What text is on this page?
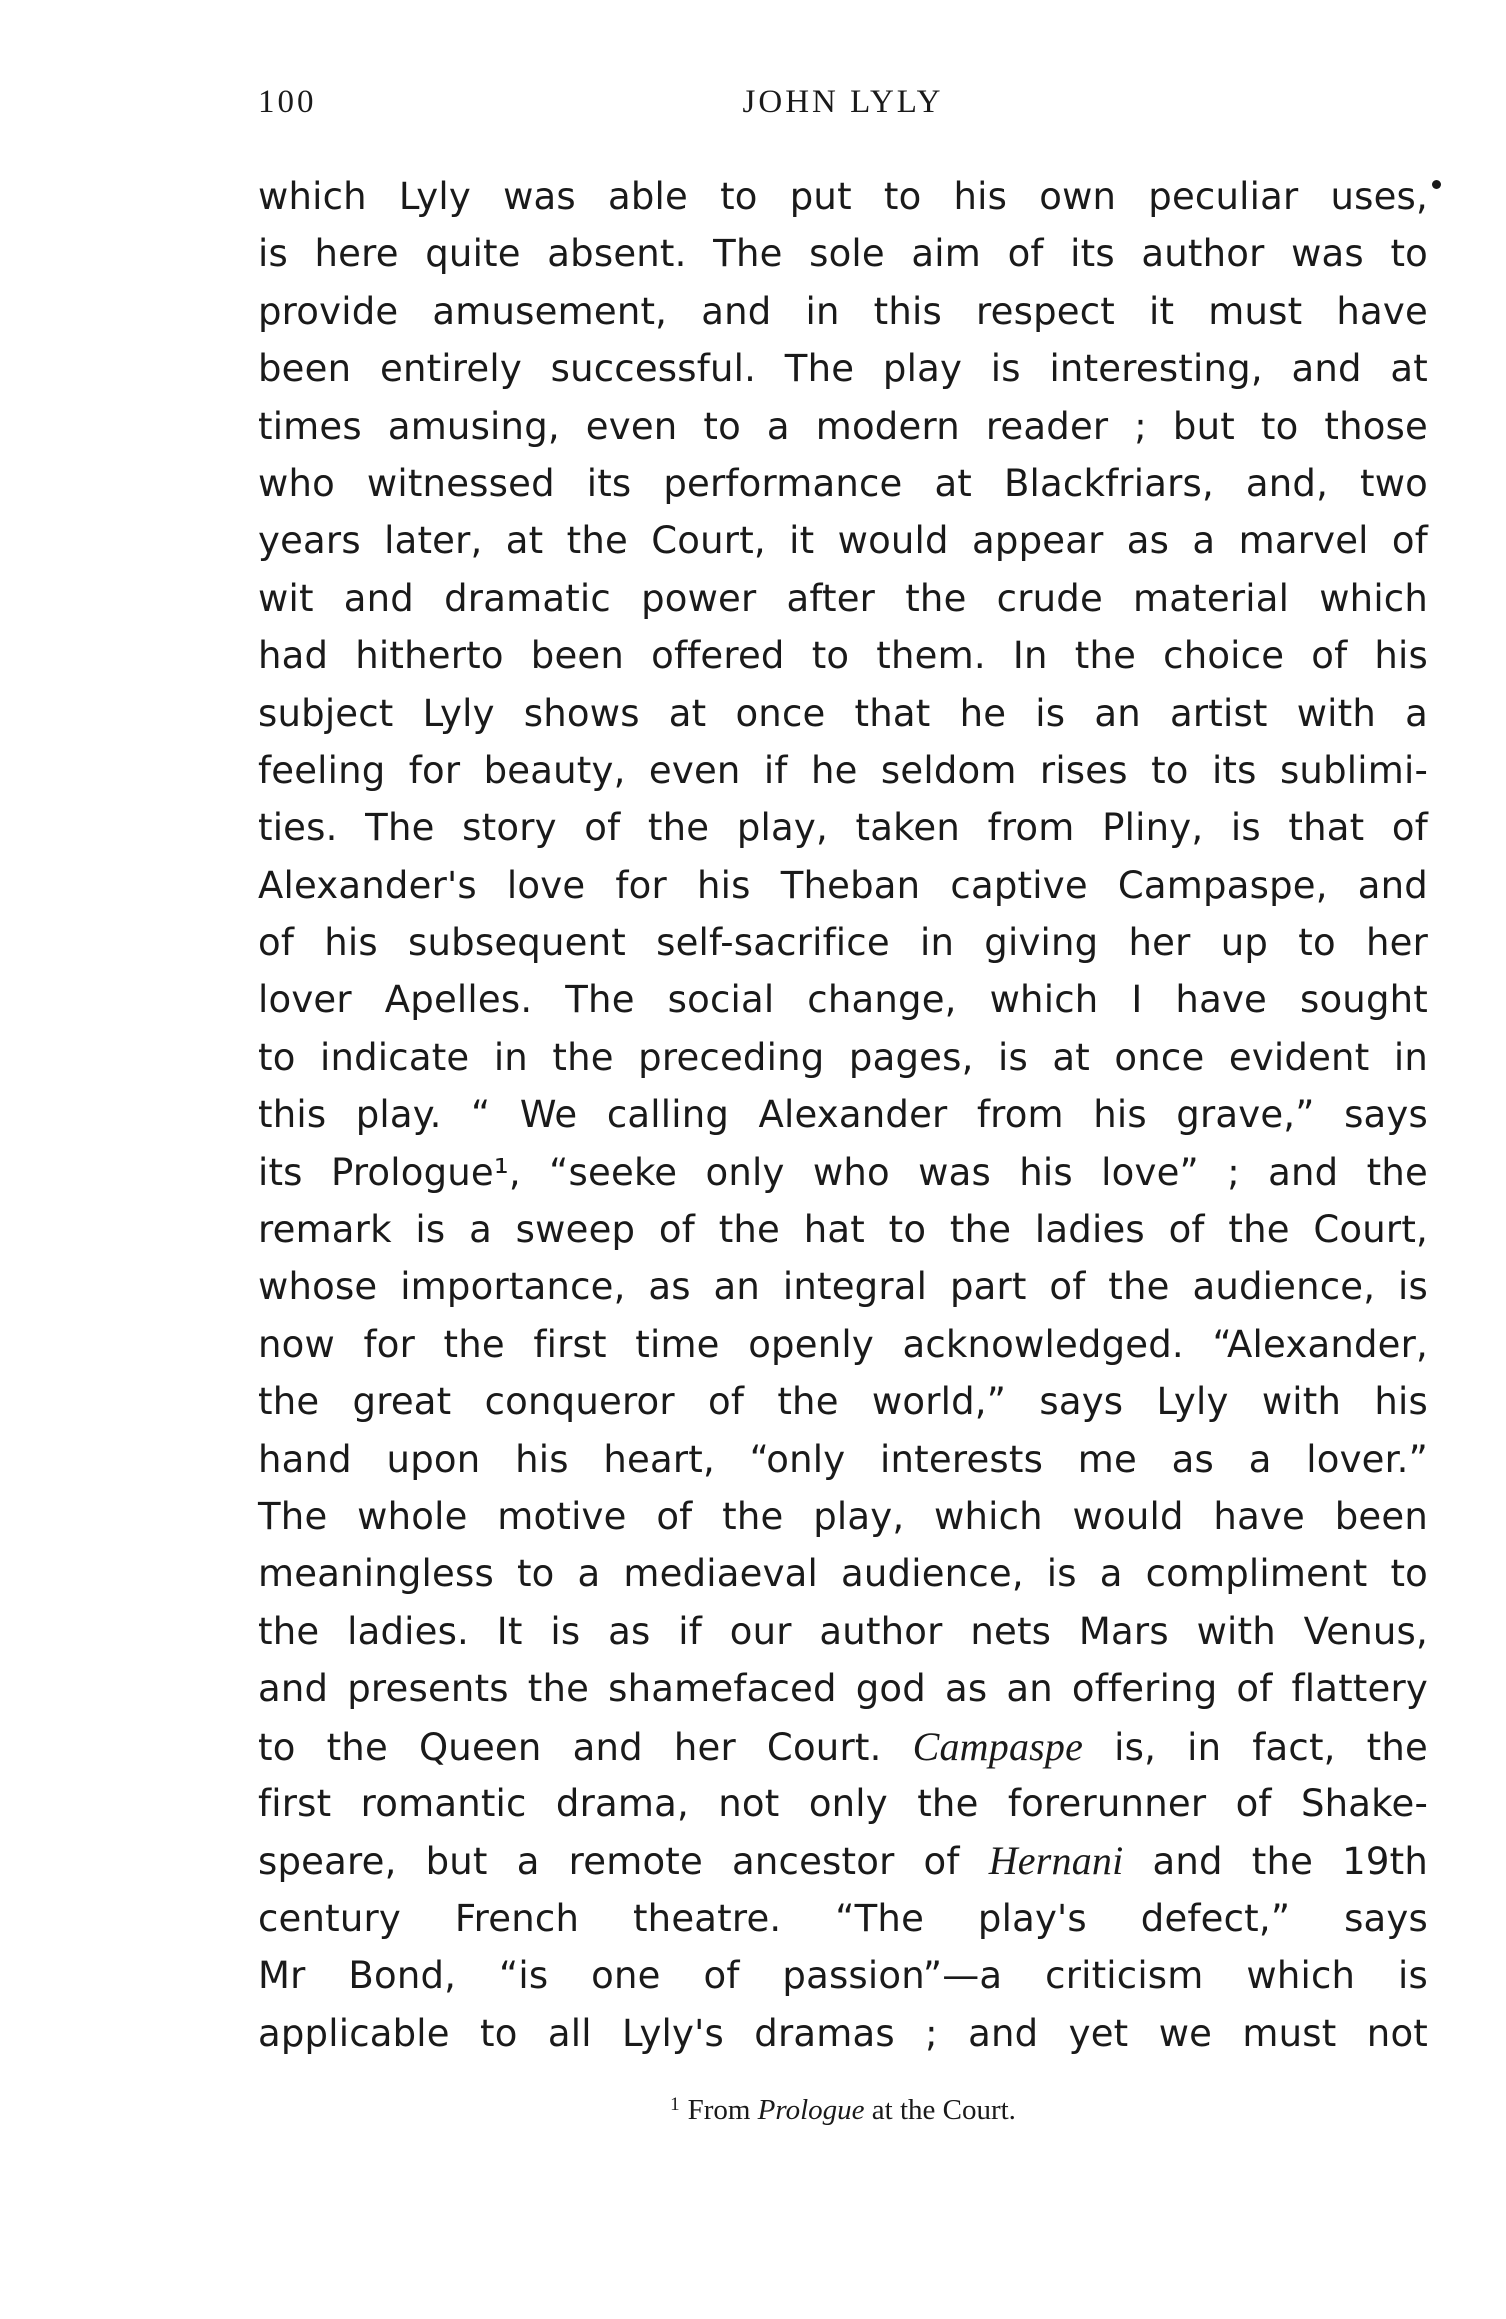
100	JOHN LYLY
which Lyly was able to put to his own peculiar uses,
is here quite absent. The sole aim of its author was to
provide amusement, and in this respect it must have
been entirely successful. The play is interesting, and at
times amusing, even to a modern reader ; but to those
who witnessed its performance at Blackfriars, and, two
years later, at the Court, it would appear as a marvel of
wit and dramatic power after the crude material which
had hitherto been offered to them. In the choice of his
subject Lyly shows at once that he is an artist with a
feeling for beauty, even if he seldom rises to its sublimi-
ties. The story of the play, taken from Pliny, is that of
Alexander's love for his Theban captive Campaspe, and
of his subsequent self-sacrifice in giving her up to her
lover Apelles. The social change, which I have sought
to indicate in the preceding pages, is at once evident in
this play. “ We calling Alexander from his grave,” says
its Prologue¹, “seeke only who was his love” ; and the
remark is a sweep of the hat to the ladies of the Court,
whose importance, as an integral part of the audience, is
now for the first time openly acknowledged. “Alexander,
the great conqueror of the world,” says Lyly with his
hand upon his heart, “only interests me as a lover.”
The whole motive of the play, which would have been
meaningless to a mediaeval audience, is a compliment to
the ladies. It is as if our author nets Mars with Venus,
and presents the shamefaced god as an offering of flattery
to the Queen and her Court. Campaspe is, in fact, the
first romantic drama, not only the forerunner of Shake-
speare, but a remote ancestor of Hernani and the 19th
century French theatre. “The play's defect,” says
Mr Bond, “is one of passion”—a criticism which is
applicable to all Lyly's dramas ; and yet we must not
$^1$ From Prologue at the Court.
